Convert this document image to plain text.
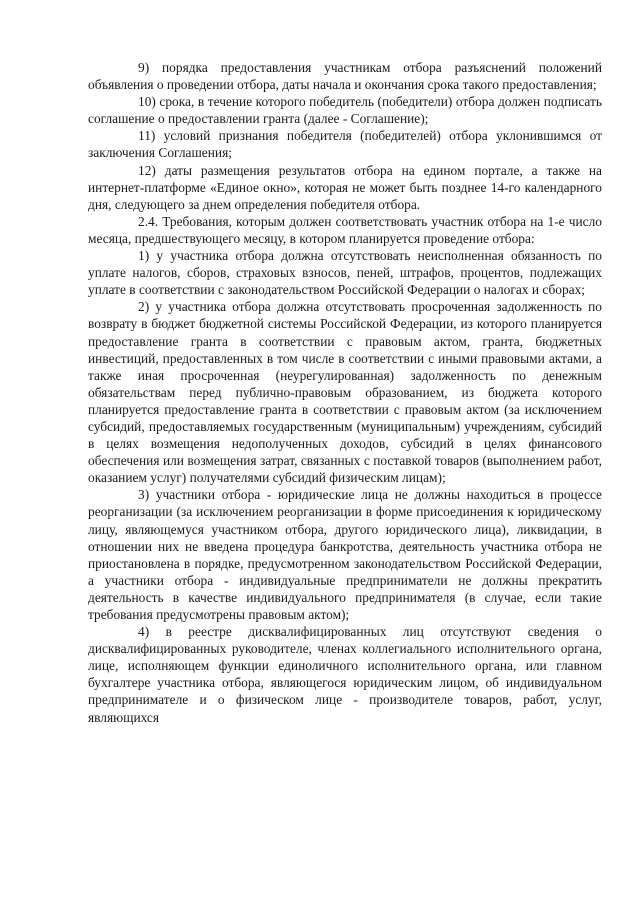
9) порядка предоставления участникам отбора разъяснений положений объявления о проведении отбора, даты начала и окончания срока такого предоставления;

10) срока, в течение которого победитель (победители) отбора должен подписать соглашение о предоставлении гранта (далее - Соглашение);

11) условий признания победителя (победителей) отбора уклонившимся от заключения Соглашения;

12) даты размещения результатов отбора на едином портале, а также на интернет-платформе «Единое окно», которая не может быть позднее 14-го календарного дня, следующего за днем определения победителя отбора.

2.4. Требования, которым должен соответствовать участник отбора на 1-е число месяца, предшествующего месяцу, в котором планируется проведение отбора:

1) у участника отбора должна отсутствовать неисполненная обязанность по уплате налогов, сборов, страховых взносов, пеней, штрафов, процентов, подлежащих уплате в соответствии с законодательством Российской Федерации о налогах и сборах;

2) у участника отбора должна отсутствовать просроченная задолженность по возврату в бюджет бюджетной системы Российской Федерации, из которого планируется предоставление гранта в соответствии с правовым актом, гранта, бюджетных инвестиций, предоставленных в том числе в соответствии с иными правовыми актами, а также иная просроченная (неурегулированная) задолженность по денежным обязательствам перед публично-правовым образованием, из бюджета которого планируется предоставление гранта в соответствии с правовым актом (за исключением субсидий, предоставляемых государственным (муниципальным) учреждениям, субсидий в целях возмещения недополученных доходов, субсидий в целях финансового обеспечения или возмещения затрат, связанных с поставкой товаров (выполнением работ, оказанием услуг) получателями субсидий физическим лицам);

3) участники отбора - юридические лица не должны находиться в процессе реорганизации (за исключением реорганизации в форме присоединения к юридическому лицу, являющемуся участником отбора, другого юридического лица), ликвидации, в отношении них не введена процедура банкротства, деятельность участника отбора не приостановлена в порядке, предусмотренном законодательством Российской Федерации, а участники отбора - индивидуальные предприниматели не должны прекратить деятельность в качестве индивидуального предпринимателя (в случае, если такие требования предусмотрены правовым актом);

4) в реестре дисквалифицированных лиц отсутствуют сведения о дисквалифицированных руководителе, членах коллегиального исполнительного органа, лице, исполняющем функции единоличного исполнительного органа, или главном бухгалтере участника отбора, являющегося юридическим лицом, об индивидуальном предпринимателе и о физическом лице - производителе товаров, работ, услуг, являющихся
